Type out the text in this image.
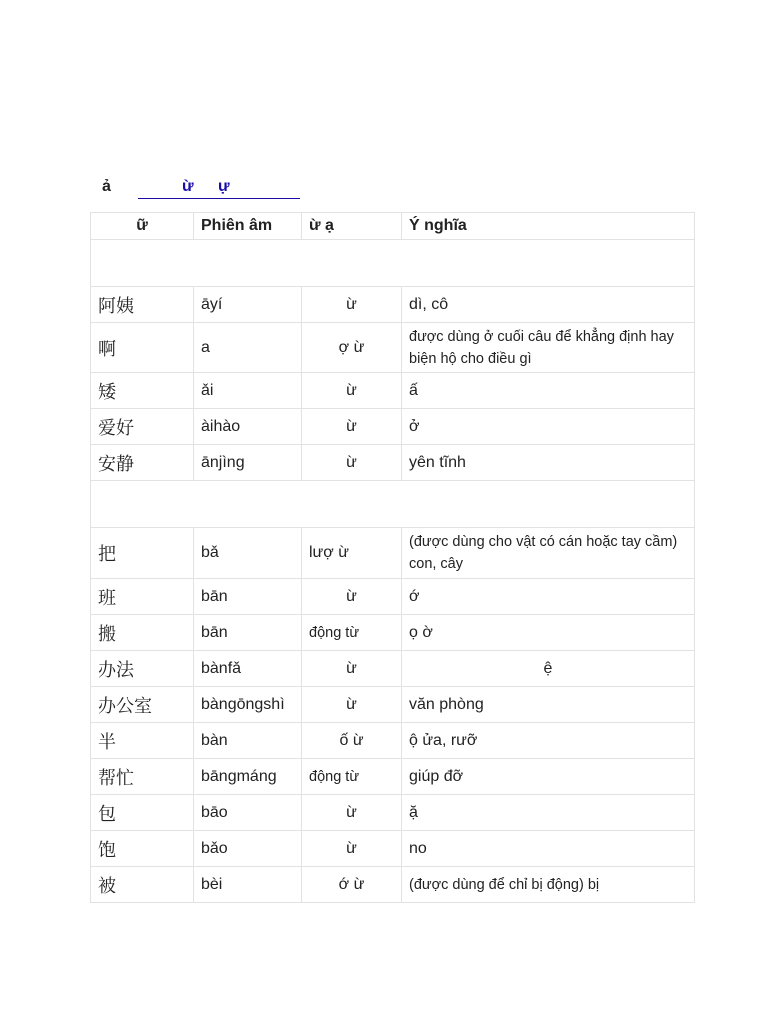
ả	ừ ự
ữ	Phiên âm	ừ ạ	Ý nghĩa

阿姨	āyí	ừ	dì, cô
啊	a	ợ ừ	được dùng ở cuối câu để khẳng định hay biện hộ cho điều gì
矮	ǎi	ừ	ấ
爱好	àihào	ừ	ở
安静	ānjìng	ừ	yên tĩnh

把	bǎ	lượ ừ	(được dùng cho vật có cán hoặc tay cầm) con, cây
班	bān	ừ	ớ
搬	bān	động từ	ọ ờ
办法	bànfǎ	ừ	ệ
办公室	bàngōngshì	ừ	văn phòng
半	bàn	ố ừ	ộ ửa, rưỡ
帮忙	bāngmáng	động từ	giúp đỡ
包	bāo	ừ	ặ
饱	bǎo	ừ	no
被	bèi	ớ ừ	(được dùng để chỉ bị động) bị
